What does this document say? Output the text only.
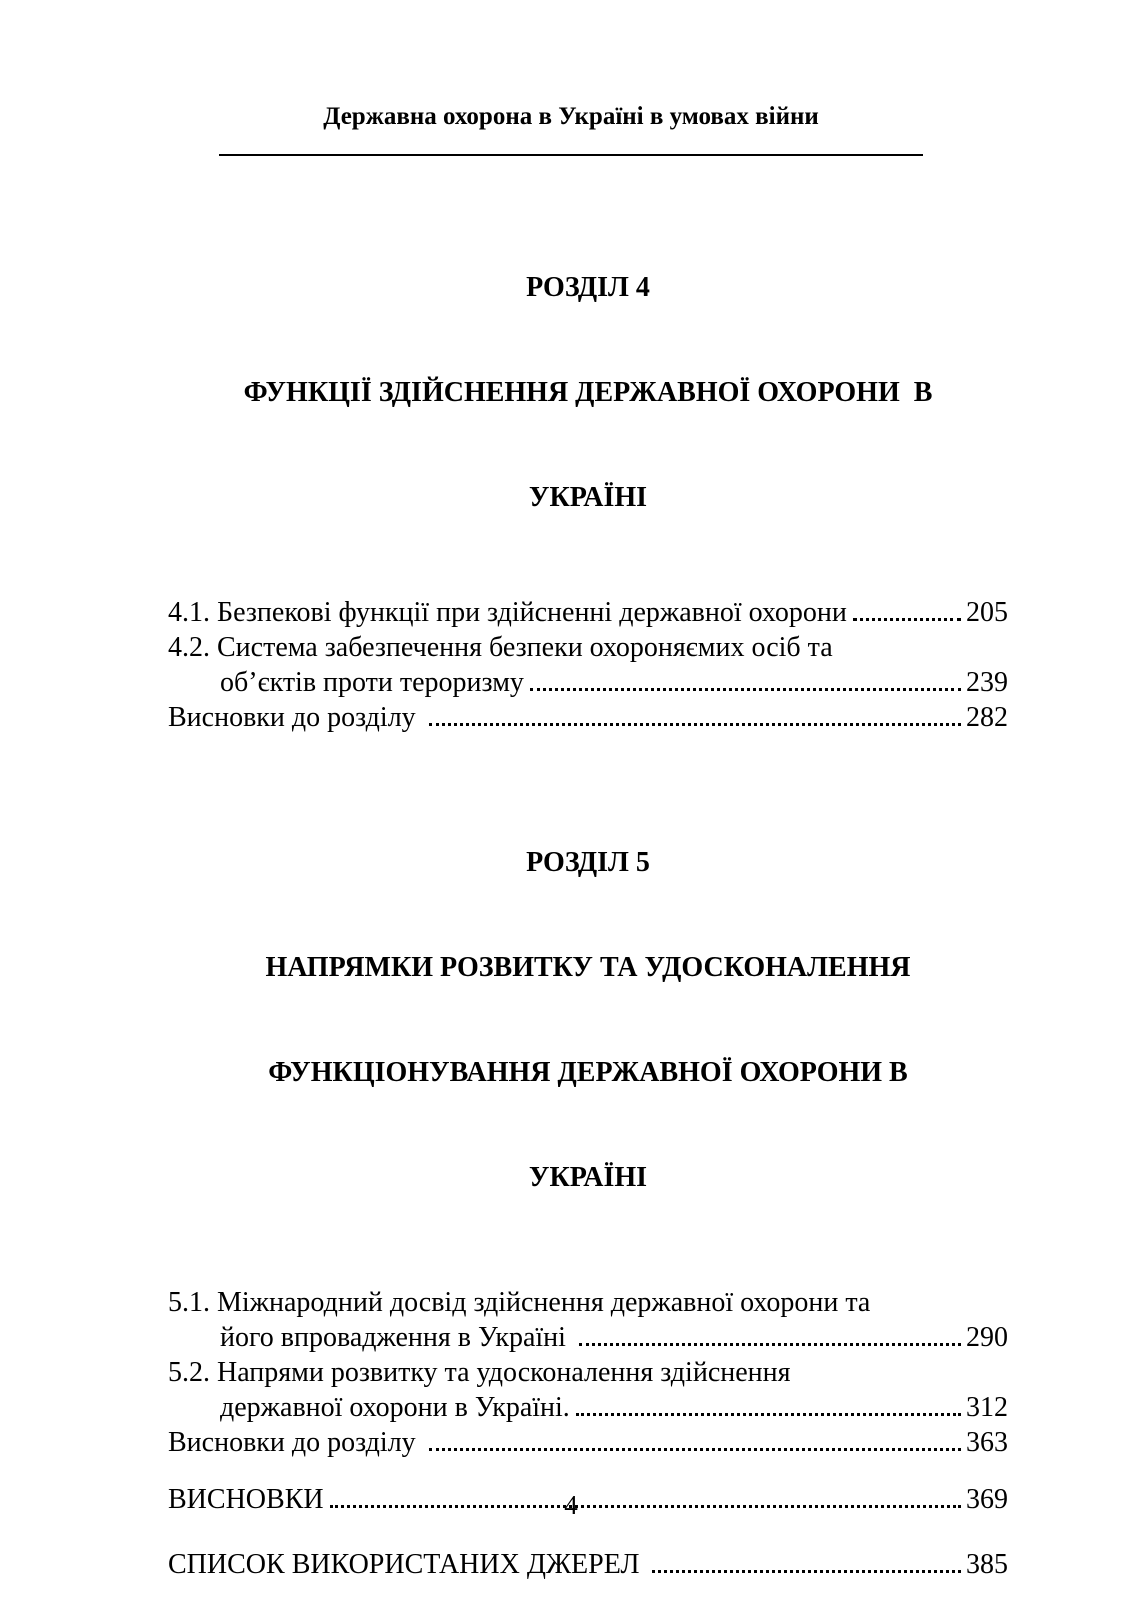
Державна охорона в Україні в умовах війни

РОЗДІЛ 4

ФУНКЦІЇ ЗДІЙСНЕННЯ ДЕРЖАВНОЇ ОХОРОНИ  В

УКРАЇНІ

4.1. Безпекові функції при здійсненні державної охорони	205
4.2. Система забезпечення безпеки охороняємих осіб та
об’єктів проти тероризму	239
Висновки до розділу	282

РОЗДІЛ 5

НАПРЯМКИ РОЗВИТКУ ТА УДОСКОНАЛЕННЯ

ФУНКЦІОНУВАННЯ ДЕРЖАВНОЇ ОХОРОНИ В

УКРАЇНІ

5.1. Міжнародний досвід здійснення державної охорони та
його впровадження в Україні	290
5.2. Напрями розвитку та удосконалення здійснення
державної охорони в Україні.	312
Висновки до розділу	363
ВИСНОВКИ	369
СПИСОК ВИКОРИСТАНИХ ДЖЕРЕЛ	385
4
